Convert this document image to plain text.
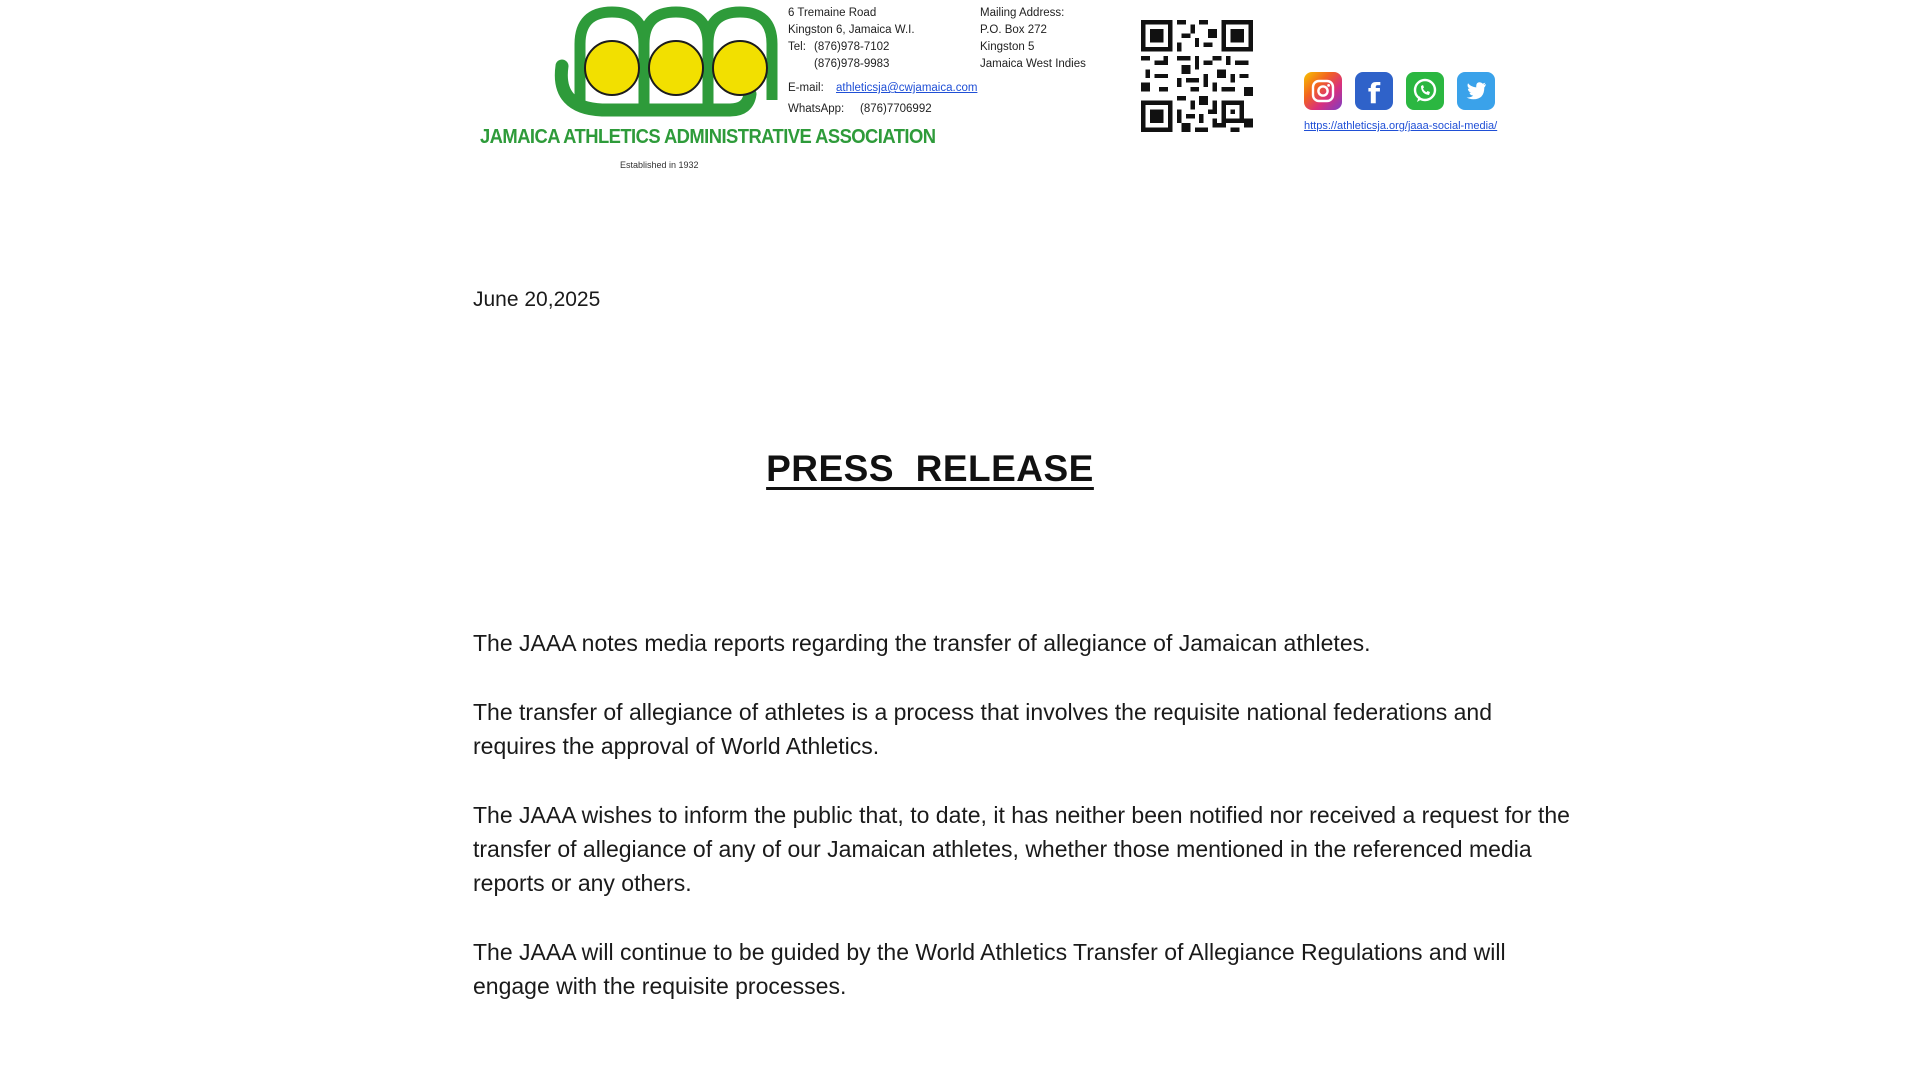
JAMAICA ATHLETICS ADMINISTRATIVE ASSOCIATION
Established in 1932
6 Tremaine Road
Kingston 6, Jamaica W.I.
Tel: (876)978-7102
(876)978-9983
Mailing Address:
P.O. Box 272
Kingston 5
Jamaica West Indies
E-mail: athleticsja@cwjamaica.com
WhatsApp: (876)7706992	f
https://athleticsja.org/jaaa-social-media/
June 20,2025
PRESS  RELEASE

The JAAA notes media reports regarding the transfer of allegiance of Jamaican athletes.

The transfer of allegiance of athletes is a process that involves the requisite national federations and requires the approval of World Athletics.

The JAAA wishes to inform the public that, to date, it has neither been notified nor received a request for the transfer of allegiance of any of our Jamaican athletes, whether those mentioned in the referenced media reports or any others.

The JAAA will continue to be guided by the World Athletics Transfer of Allegiance Regulations and will engage with the requisite processes.
